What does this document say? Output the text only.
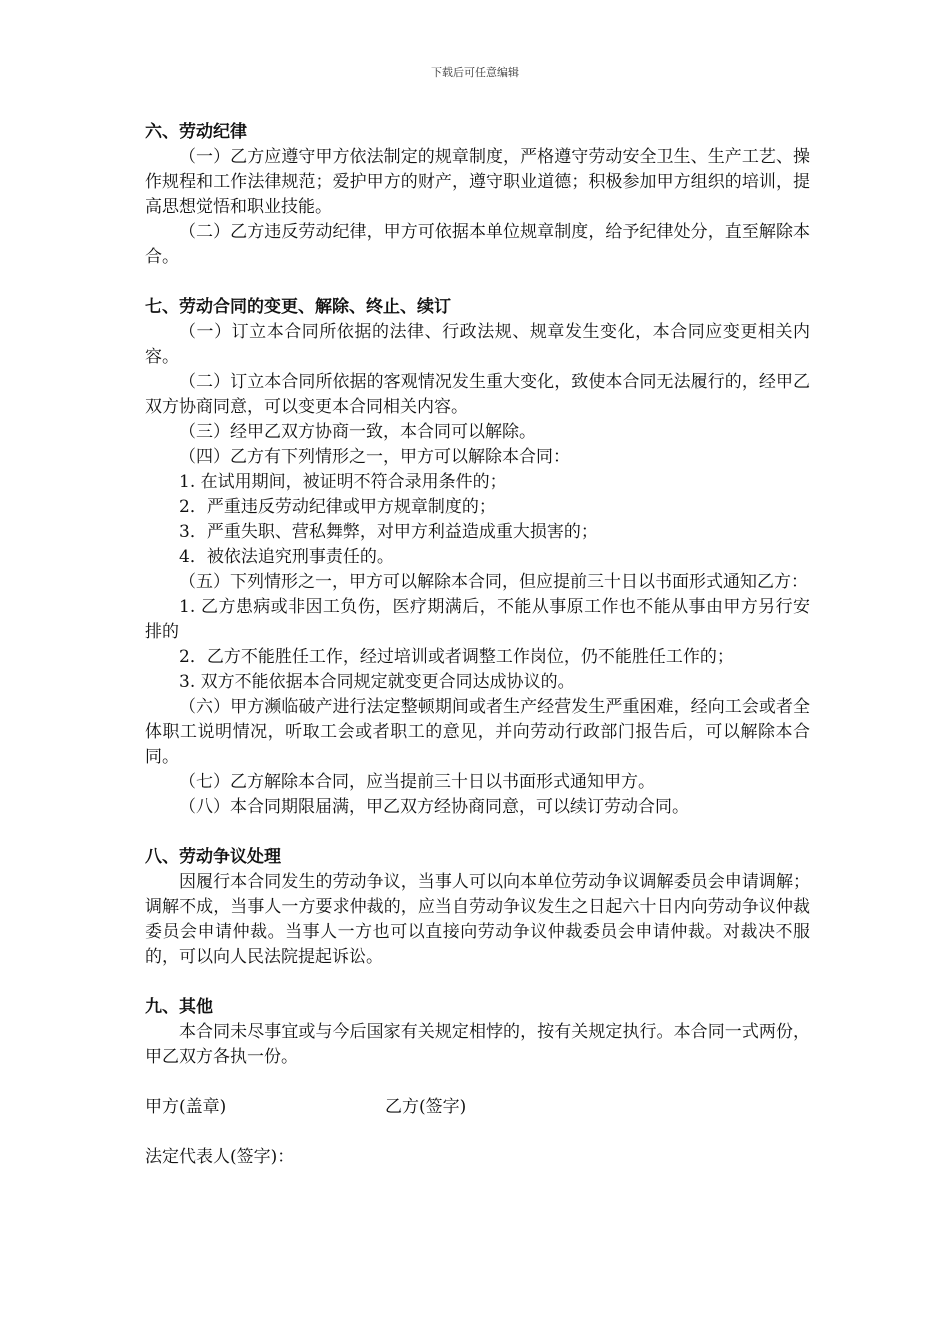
下载后可任意编辑

六、劳动纪律

（一）乙方应遵守甲方依法制定的规章制度，严格遵守劳动安全卫生、生产工艺、操作规程和工作法律规范；爱护甲方的财产，遵守职业道德；积极参加甲方组织的培训，提高思想觉悟和职业技能。

（二）乙方违反劳动纪律，甲方可依据本单位规章制度，给予纪律处分，直至解除本合。

七、劳动合同的变更、解除、终止、续订

（一）订立本合同所依据的法律、行政法规、规章发生变化，本合同应变更相关内容。

（二）订立本合同所依据的客观情况发生重大变化，致使本合同无法履行的，经甲乙双方协商同意，可以变更本合同相关内容。

（三）经甲乙双方协商一致，本合同可以解除。

（四）乙方有下列情形之一，甲方可以解除本合同：

1. 在试用期间，被证明不符合录用条件的；

2．严重违反劳动纪律或甲方规章制度的；

3．严重失职、营私舞弊，对甲方利益造成重大损害的；

4．被依法追究刑事责任的。

（五）下列情形之一，甲方可以解除本合同，但应提前三十日以书面形式通知乙方：

1. 乙方患病或非因工负伤，医疗期满后，不能从事原工作也不能从事由甲方另行安排的

2．乙方不能胜任工作，经过培训或者调整工作岗位，仍不能胜任工作的；

3. 双方不能依据本合同规定就变更合同达成协议的。

（六）甲方濒临破产进行法定整顿期间或者生产经营发生严重困难，经向工会或者全体职工说明情况，听取工会或者职工的意见，并向劳动行政部门报告后，可以解除本合同。

（七）乙方解除本合同，应当提前三十日以书面形式通知甲方。

（八）本合同期限届满，甲乙双方经协商同意，可以续订劳动合同。

八、劳动争议处理

因履行本合同发生的劳动争议，当事人可以向本单位劳动争议调解委员会申请调解；调解不成，当事人一方要求仲裁的，应当自劳动争议发生之日起六十日内向劳动争议仲裁委员会申请仲裁。当事人一方也可以直接向劳动争议仲裁委员会申请仲裁。对裁决不服的，可以向人民法院提起诉讼。

九、其他

本合同未尽事宜或与今后国家有关规定相悖的，按有关规定执行。本合同一式两份，甲乙双方各执一份。

甲方(盖章)	乙方(签字)
法定代表人(签字)：
